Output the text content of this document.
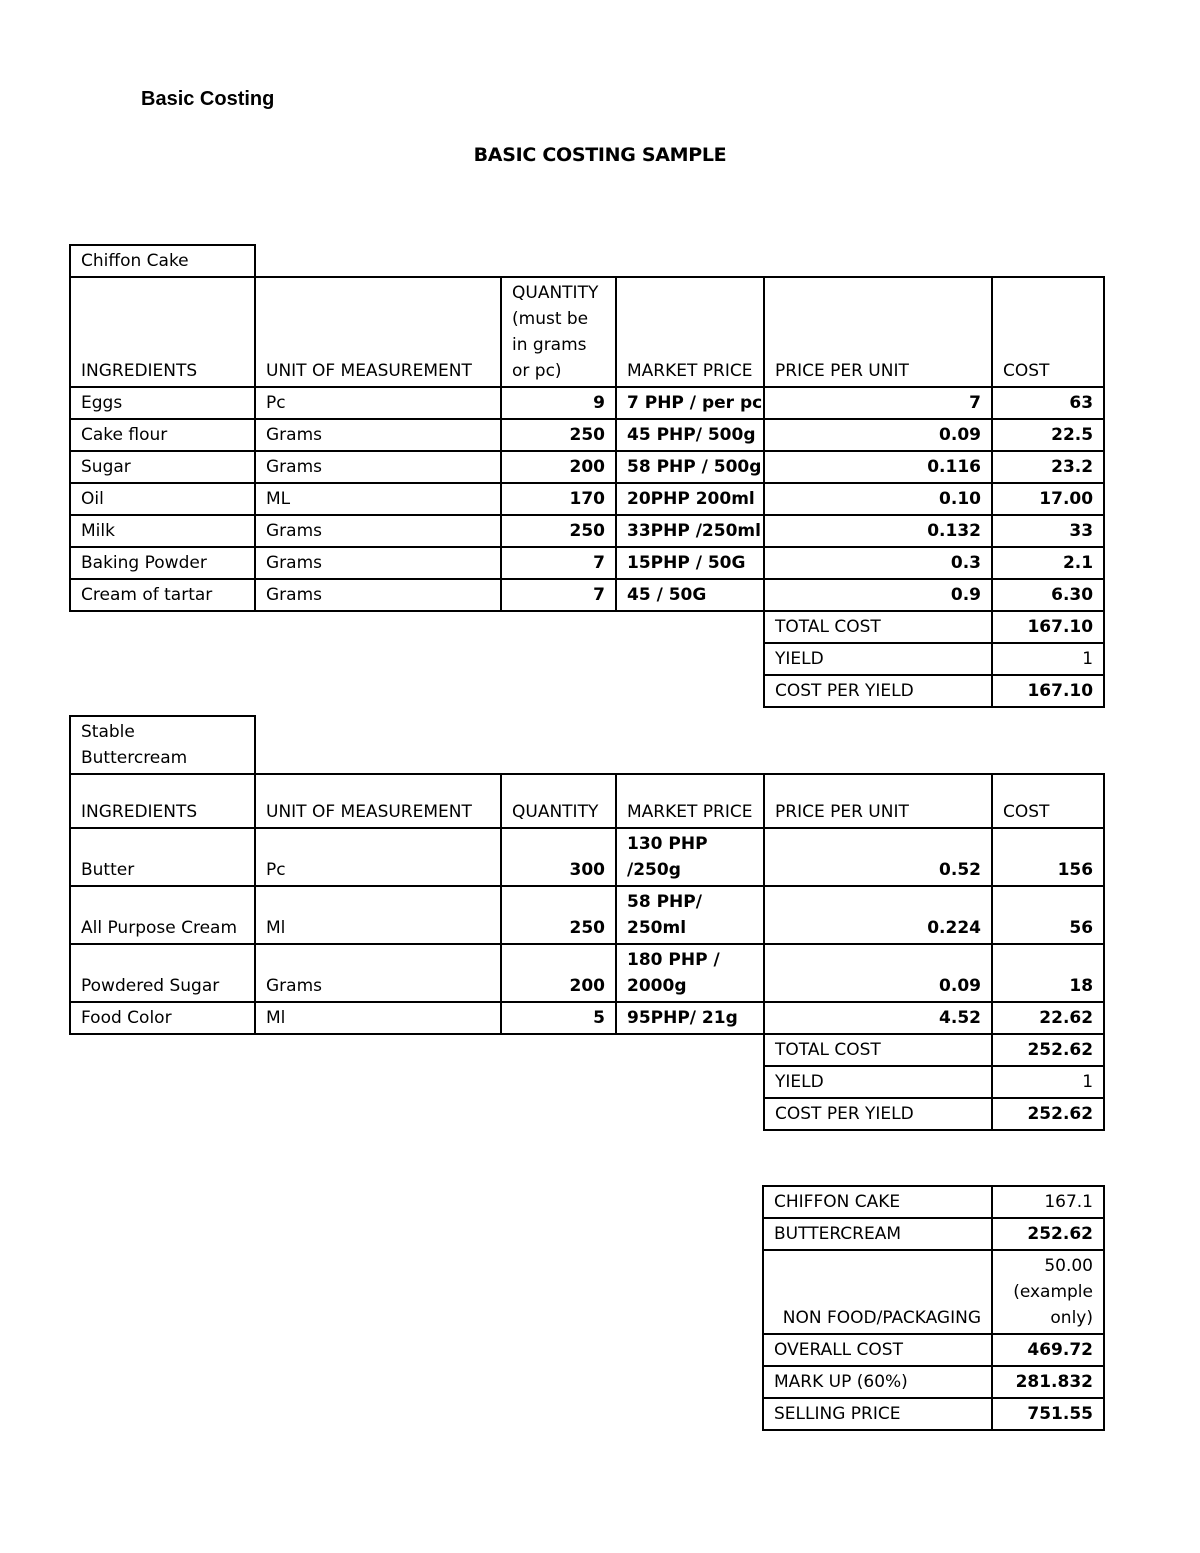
Basic Costing
BASIC COSTING SAMPLE
Chiffon Cake					
INGREDIENTS	UNIT OF MEASUREMENT	QUANTITY (must be in grams or pc)	MARKET PRICE	PRICE PER UNIT	COST
Eggs	Pc	9	7 PHP / per pc	7	63
Cake flour	Grams	250	45 PHP/ 500g	0.09	22.5
Sugar	Grams	200	58 PHP / 500g	0.116	23.2
Oil	ML	170	20PHP 200ml	0.10	17.00
Milk	Grams	250	33PHP /250ml	0.132	33
Baking Powder	Grams	7	15PHP / 50G	0.3	2.1
Cream of tartar	Grams	7	45 / 50G	0.9	6.30
				TOTAL COST	167.10
				YIELD	1
				COST PER YIELD	167.10
Stable Buttercream					
INGREDIENTS	UNIT OF MEASUREMENT	QUANTITY	MARKET PRICE	PRICE PER UNIT	COST
Butter	Pc	300	130 PHP /250g	0.52	156
All Purpose Cream	Ml	250	58 PHP/ 250ml	0.224	56
Powdered Sugar	Grams	200	180 PHP / 2000g	0.09	18
Food Color	Ml	5	95PHP/ 21g	4.52	22.62
				TOTAL COST	252.62
				YIELD	1
				COST PER YIELD	252.62
CHIFFON CAKE	167.1
BUTTERCREAM	252.62
NON FOOD/PACKAGING	50.00 (example only)
OVERALL COST	469.72
MARK UP (60%)	281.832
SELLING PRICE	751.55
